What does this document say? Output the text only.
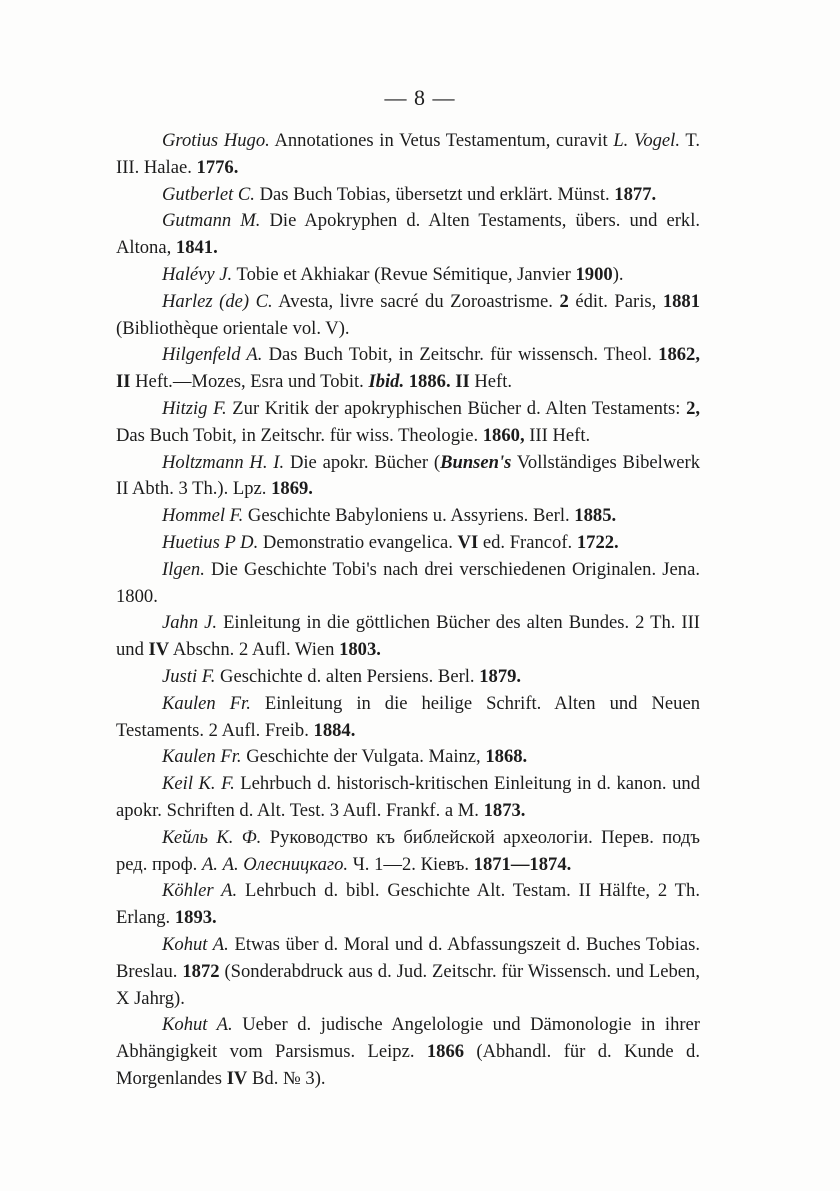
— 8 —

Grotius Hugo. Annotationes in Vetus Testamentum, curavit L. Vogel. T. III. Halae. 1776.

Gutberlet C. Das Buch Tobias, übersetzt und erklärt. Münst. 1877.

Gutmann M. Die Apokryphen d. Alten Testaments, übers. und erkl. Altona, 1841.

Halévy J. Tobie et Akhiakar (Revue Sémitique, Janvier 1900).

Harlez (de) C. Avesta, livre sacré du Zoroastrisme. 2 édit. Paris, 1881 (Bibliothèque orientale vol. V).

Hilgenfeld A. Das Buch Tobit, in Zeitschr. für wissensch. Theol. 1862, II Heft.—Mozes, Esra und Tobit. Ibid. 1886. II Heft.

Hitzig F. Zur Kritik der apokryphischen Bücher d. Alten Testaments: 2, Das Buch Tobit, in Zeitschr. für wiss. Theologie. 1860, III Heft.

Holtzmann H. I. Die apokr. Bücher (Bunsen's Vollständiges Bibelwerk II Abth. 3 Th.). Lpz. 1869.

Hommel F. Geschichte Babyloniens u. Assyriens. Berl. 1885.

Huetius P D. Demonstratio evangelica. VI ed. Francof. 1722.

Ilgen. Die Geschichte Tobi's nach drei verschiedenen Originalen. Jena. 1800.

Jahn J. Einleitung in die göttlichen Bücher des alten Bundes. 2 Th. III und IV Abschn. 2 Aufl. Wien 1803.

Justi F. Geschichte d. alten Persiens. Berl. 1879.

Kaulen Fr. Einleitung in die heilige Schrift. Alten und Neuen Testaments. 2 Aufl. Freib. 1884.

Kaulen Fr. Geschichte der Vulgata. Mainz, 1868.

Keil K. F. Lehrbuch d. historisch-kritischen Einleitung in d. kanon. und apokr. Schriften d. Alt. Test. 3 Aufl. Frankf. a M. 1873.

Кейль К. Ф. Руководство къ библейской археологіи. Перев. подъ ред. проф. А. А. Олесницкаго. Ч. 1—2. Кіевъ. 1871—1874.

Köhler A. Lehrbuch d. bibl. Geschichte Alt. Testam. II Hälfte, 2 Th. Erlang. 1893.

Kohut A. Etwas über d. Moral und d. Abfassungszeit d. Buches Tobias. Breslau. 1872 (Sonderabdruck aus d. Jud. Zeitschr. für Wissensch. und Leben, X Jahrg).

Kohut A. Ueber d. judische Angelologie und Dämonologie in ihrer Abhängigkeit vom Parsismus. Leipz. 1866 (Abhandl. für d. Kunde d. Morgenlandes IV Bd. № 3).
